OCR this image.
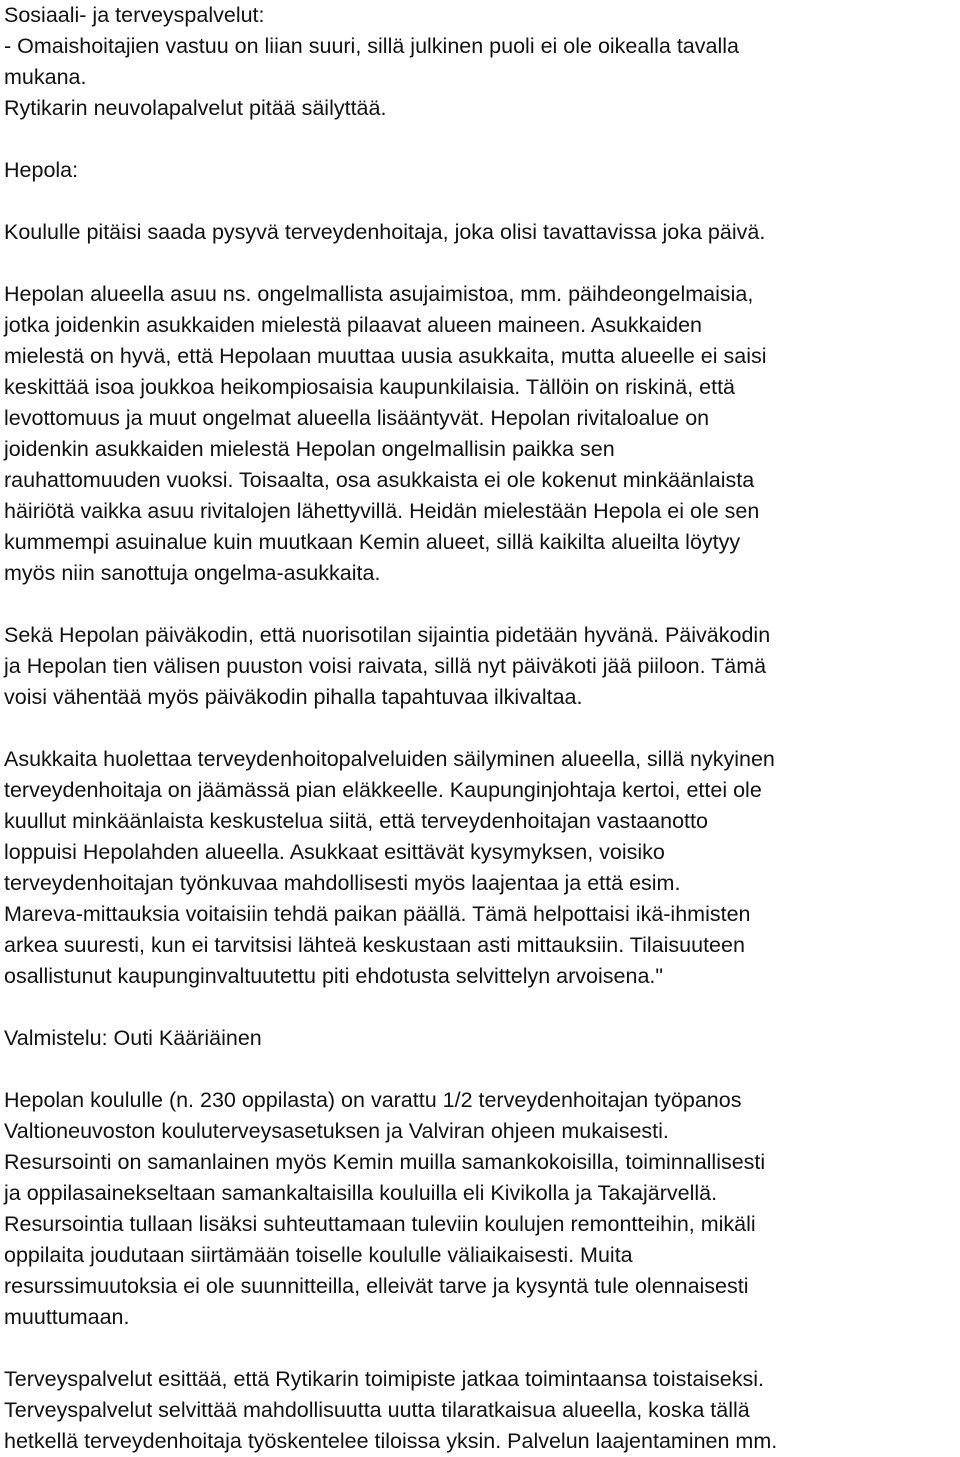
Sosiaali- ja terveyspalvelut:
- Omaishoitajien vastuu on liian suuri, sillä julkinen puoli ei ole oikealla tavalla
mukana.
Rytikarin neuvolapalvelut pitää säilyttää.
Hepola:
Koululle pitäisi saada pysyvä terveydenhoitaja, joka olisi tavattavissa joka päivä.
Hepolan alueella asuu ns. ongelmallista asujaimistoa, mm. päihdeongelmaisia,
jotka joidenkin asukkaiden mielestä pilaavat alueen maineen. Asukkaiden
mielestä on hyvä, että Hepolaan muuttaa uusia asukkaita, mutta alueelle ei saisi
keskittää isoa joukkoa heikompiosaisia kaupunkilaisia. Tällöin on riskinä, että
levottomuus ja muut ongelmat alueella lisääntyvät. Hepolan rivitaloalue on
joidenkin asukkaiden mielestä Hepolan ongelmallisin paikka sen
rauhattomuuden vuoksi. Toisaalta, osa asukkaista ei ole kokenut minkäänlaista
häiriötä vaikka asuu rivitalojen lähettyvillä. Heidän mielestään Hepola ei ole sen
kummempi asuinalue kuin muutkaan Kemin alueet, sillä kaikilta alueilta löytyy
myös niin sanottuja ongelma-asukkaita.
Sekä Hepolan päiväkodin, että nuorisotilan sijaintia pidetään hyvänä. Päiväkodin
ja Hepolan tien välisen puuston voisi raivata, sillä nyt päiväkoti jää piiloon. Tämä
voisi vähentää myös päiväkodin pihalla tapahtuvaa ilkivaltaa.
Asukkaita huolettaa terveydenhoitopalveluiden säilyminen alueella, sillä nykyinen
terveydenhoitaja on jäämässä pian eläkkeelle. Kaupunginjohtaja kertoi, ettei ole
kuullut minkäänlaista keskustelua siitä, että terveydenhoitajan vastaanotto
loppuisi Hepolahden alueella. Asukkaat esittävät kysymyksen, voisiko
terveydenhoitajan työnkuvaa mahdollisesti myös laajentaa ja että esim.
Mareva-mittauksia voitaisiin tehdä paikan päällä. Tämä helpottaisi ikä-ihmisten
arkea suuresti, kun ei tarvitsisi lähteä keskustaan asti mittauksiin. Tilaisuuteen
osallistunut kaupunginvaltuutettu piti ehdotusta selvittelyn arvoisena."
Valmistelu: Outi Kääriäinen
Hepolan koululle (n. 230 oppilasta) on varattu 1/2 terveydenhoitajan työpanos
Valtioneuvoston kouluterveysasetuksen ja Valviran ohjeen mukaisesti.
Resursointi on samanlainen myös Kemin muilla samankokoisilla, toiminnallisesti
ja oppilasainekseltaan samankaltaisilla kouluilla eli Kivikolla ja Takajärvellä.
Resursointia tullaan lisäksi suhteuttamaan tuleviin koulujen remontteihin, mikäli
oppilaita joudutaan siirtämään toiselle koululle väliaikaisesti. Muita
resurssimuutoksia ei ole suunnitteilla, elleivät tarve ja kysyntä tule olennaisesti
muuttumaan.
Terveyspalvelut esittää, että Rytikarin toimipiste jatkaa toimintaansa toistaiseksi.
Terveyspalvelut selvittää mahdollisuutta uutta tilaratkaisua alueella, koska tällä
hetkellä terveydenhoitaja työskentelee tiloissa yksin. Palvelun laajentaminen mm.
